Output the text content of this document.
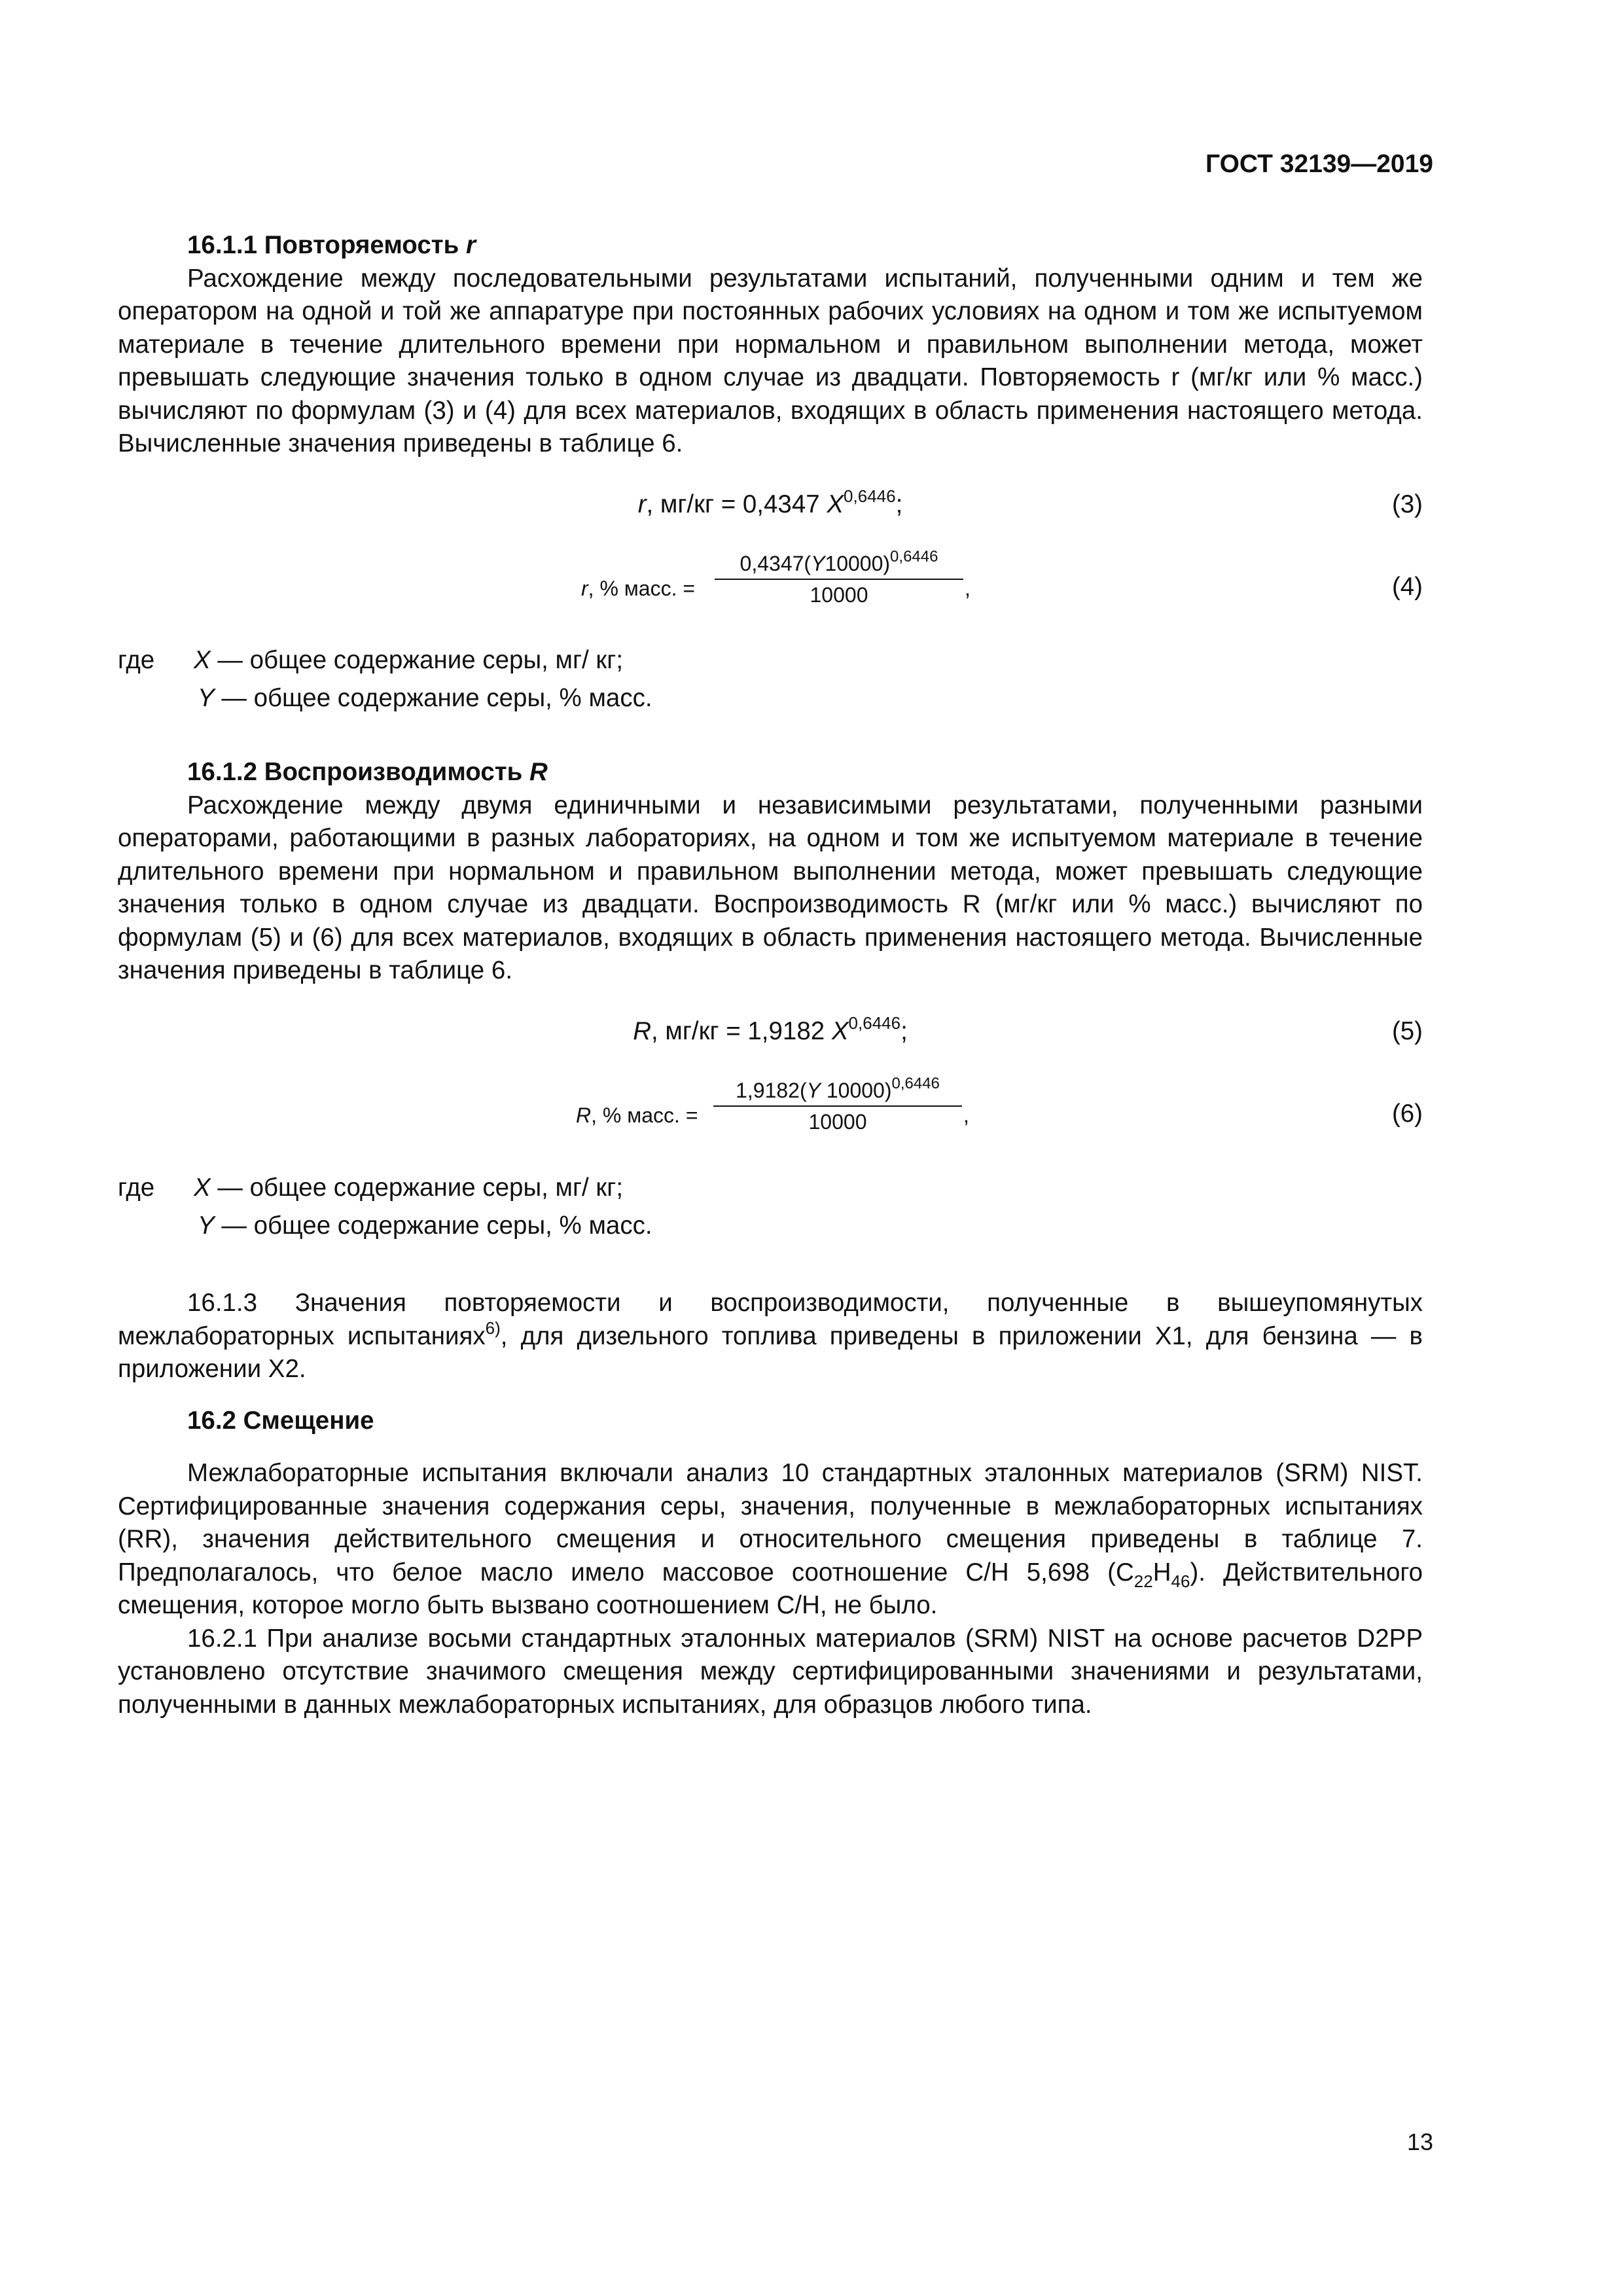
ГОСТ 32139—2019

16.1.1 Повторяемость r

Расхождение между последовательными результатами испытаний, полученными одним и тем же оператором на одной и той же аппаратуре при постоянных рабочих условиях на одном и том же испытуемом материале в течение длительного времени при нормальном и правильном выполнении метода, может превышать следующие значения только в одном случае из двадцати. Повторяемость r (мг/кг или % масс.) вычисляют по формулам (3) и (4) для всех материалов, входящих в область применения настоящего метода. Вычисленные значения приведены в таблице 6.

r, мг/кг = 0,4347 $X^{0,6446}$;	(3)
r, % масс. = $\frac{0,4347(Y10000)^{0,6446}}{10000}$ ,	(4)
где X — общее содержание серы, мг/ кг;
Y — общее содержание серы, % масс.

16.1.2 Воспроизводимость R

Расхождение между двумя единичными и независимыми результатами, полученными разными операторами, работающими в разных лабораториях, на одном и том же испытуемом материале в течение длительного времени при нормальном и правильном выполнении метода, может превышать следующие значения только в одном случае из двадцати. Воспроизводимость R (мг/кг или % масс.) вычисляют по формулам (5) и (6) для всех материалов, входящих в область применения настоящего метода. Вычисленные значения приведены в таблице 6.

R, мг/кг = 1,9182 $X^{0,6446}$;	(5)
R, % масс. = $\frac{1,9182(Y 10000)^{0,6446}}{10000}$ ,	(6)
где X — общее содержание серы, мг/ кг;
Y — общее содержание серы, % масс.

16.1.3 Значения повторяемости и воспроизводимости, полученные в вышеупомянутых межлабораторных испытаниях$^{6)}$, для дизельного топлива приведены в приложении Х1, для бензина — в приложении Х2.

16.2 Смещение

Межлабораторные испытания включали анализ 10 стандартных эталонных материалов (SRM) NIST. Сертифицированные значения содержания серы, значения, полученные в межлабораторных испытаниях (RR), значения действительного смещения и относительного смещения приведены в таблице 7. Предполагалось, что белое масло имело массовое соотношение С/Н 5,698 $(C_{22}H_{46})$. Действительного смещения, которое могло быть вызвано соотношением С/Н, не было.

16.2.1 При анализе восьми стандартных эталонных материалов (SRM) NIST на основе расчетов D2PP установлено отсутствие значимого смещения между сертифицированными значениями и результатами, полученными в данных межлабораторных испытаниях, для образцов любого типа.

13
